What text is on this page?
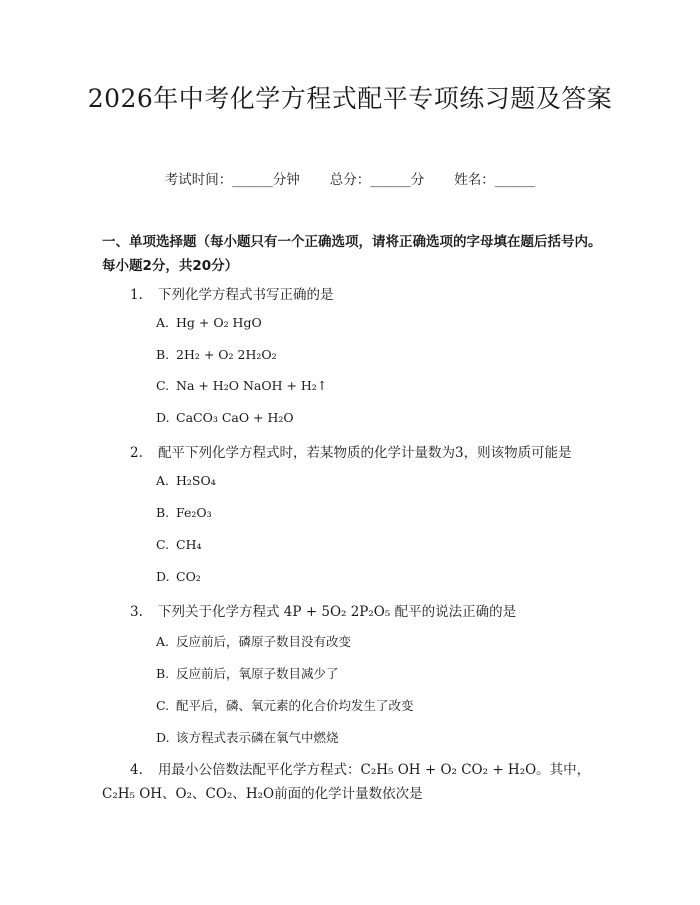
2026年中考化学方程式配平专项练习题及答案
考试时间：______分钟 总分：______分 姓名：______
一、单项选择题（每小题只有一个正确选项，请将正确选项的字母填在题后括号内。每小题2分，共20分）
1. 下列化学方程式书写正确的是
A. Hg + O₂ HgO
B. 2H₂ + O₂ 2H₂O₂
C. Na + H₂O NaOH + H₂↑
D. CaCO₃ CaO + H₂O
2. 配平下列化学方程式时，若某物质的化学计量数为3，则该物质可能是
A. H₂SO₄
B. Fe₂O₃
C. CH₄
D. CO₂
3. 下列关于化学方程式 4P + 5O₂ 2P₂O₅ 配平的说法正确的是
A. 反应前后，磷原子数目没有改变
B. 反应前后，氧原子数目减少了
C. 配平后，磷、氧元素的化合价均发生了改变
D. 该方程式表示磷在氧气中燃烧
4. 用最小公倍数法配平化学方程式：C₂H₅ OH + O₂ CO₂ + H₂O。其中，C₂H₅ OH、O₂、CO₂、H₂O前面的化学计量数依次是
